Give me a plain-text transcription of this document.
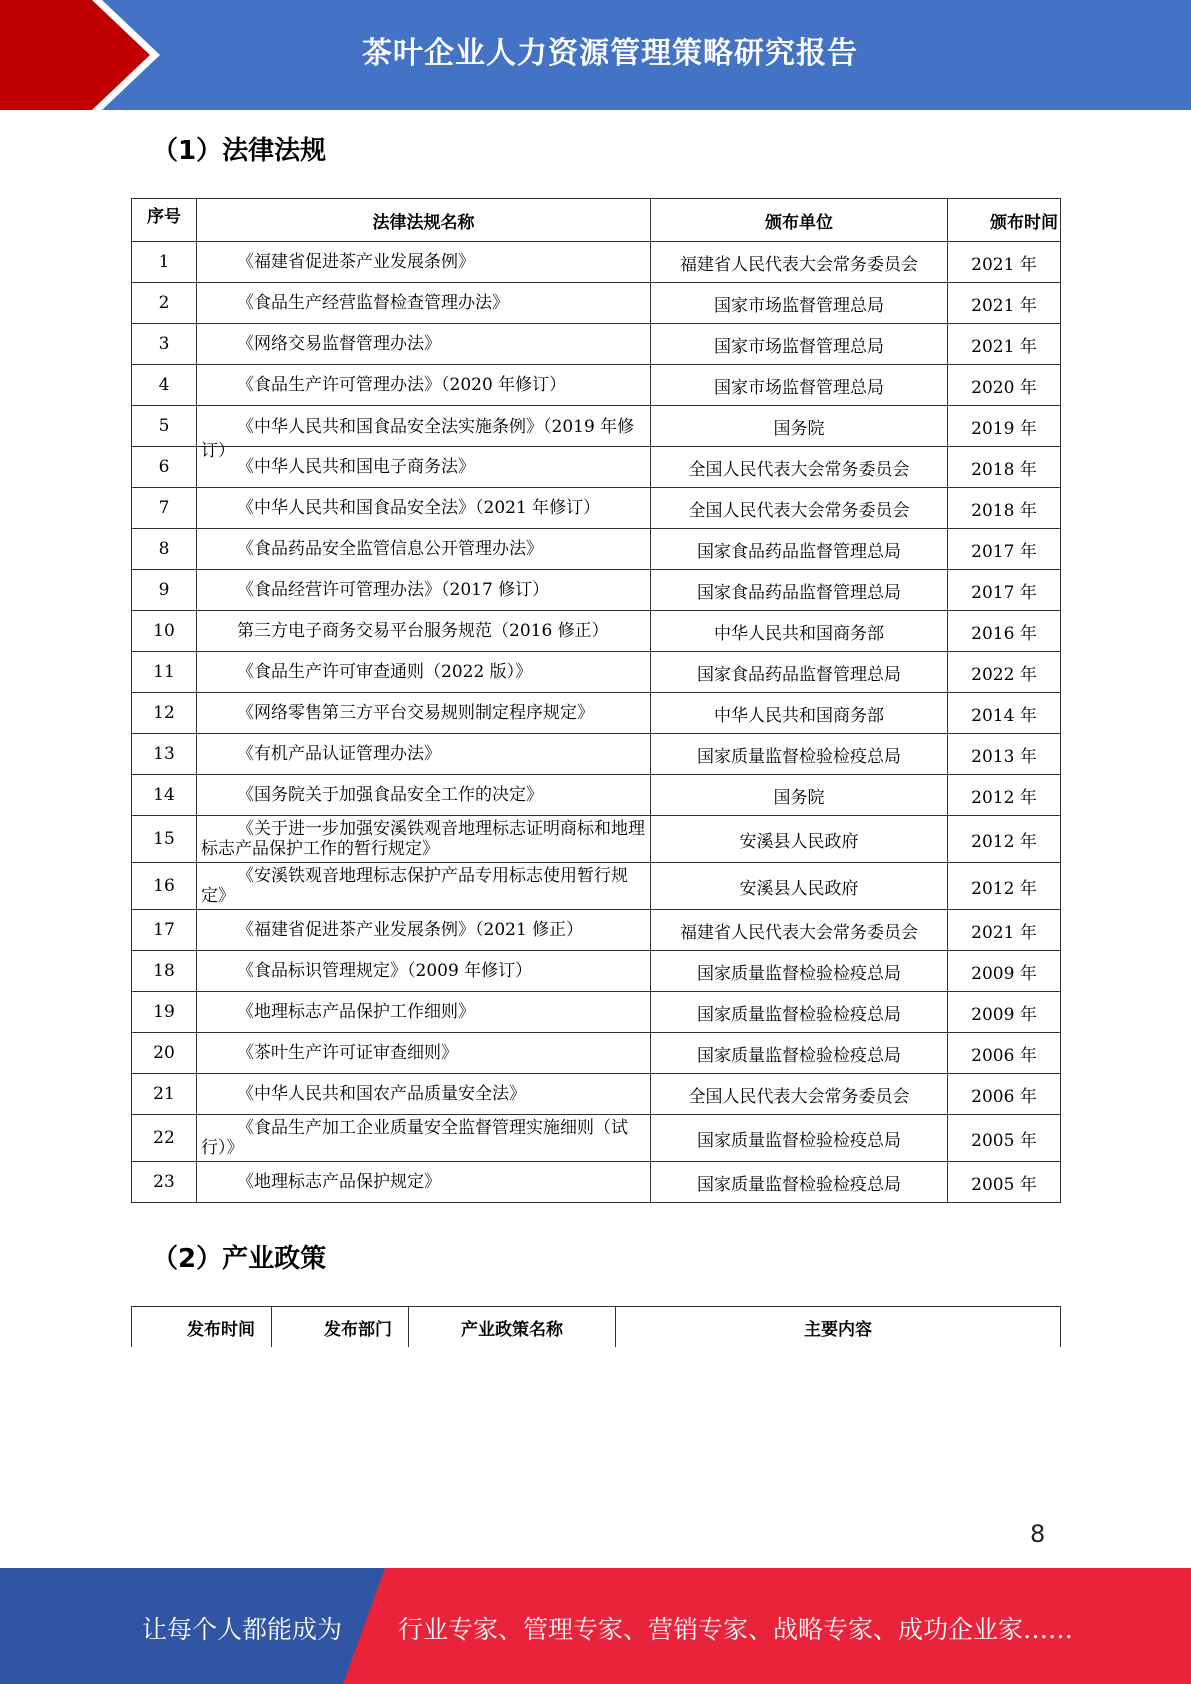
茶叶企业人力资源管理策略研究报告
（1）法律法规
序号	法律法规名称	颁布单位	颁布时间
1	《福建省促进茶产业发展条例》	福建省人民代表大会常务委员会	2021 年
2	《食品生产经营监督检查管理办法》	国家市场监督管理总局	2021 年
3	《网络交易监督管理办法》	国家市场监督管理总局	2021 年
4	《食品生产许可管理办法》（2020 年修订）	国家市场监督管理总局	2020 年
5	《中华人民共和国食品安全法实施条例》（2019 年修订）	国务院	2019 年
6	《中华人民共和国电子商务法》	全国人民代表大会常务委员会	2018 年
7	《中华人民共和国食品安全法》（2021 年修订）	全国人民代表大会常务委员会	2018 年
8	《食品药品安全监管信息公开管理办法》	国家食品药品监督管理总局	2017 年
9	《食品经营许可管理办法》（2017 修订）	国家食品药品监督管理总局	2017 年
10	第三方电子商务交易平台服务规范（2016 修正）	中华人民共和国商务部	2016 年
11	《食品生产许可审查通则（2022 版）》	国家食品药品监督管理总局	2022 年
12	《网络零售第三方平台交易规则制定程序规定》	中华人民共和国商务部	2014 年
13	《有机产品认证管理办法》	国家质量监督检验检疫总局	2013 年
14	《国务院关于加强食品安全工作的决定》	国务院	2012 年
15	《关于进一步加强安溪铁观音地理标志证明商标和地理 标志产品保护工作的暂行规定》	安溪县人民政府	2012 年
16	《安溪铁观音地理标志保护产品专用标志使用暂行规定》	安溪县人民政府	2012 年
17	《福建省促进茶产业发展条例》（2021 修正）	福建省人民代表大会常务委员会	2021 年
18	《食品标识管理规定》（2009 年修订）	国家质量监督检验检疫总局	2009 年
19	《地理标志产品保护工作细则》	国家质量监督检验检疫总局	2009 年
20	《茶叶生产许可证审查细则》	国家质量监督检验检疫总局	2006 年
21	《中华人民共和国农产品质量安全法》	全国人民代表大会常务委员会	2006 年
22	《食品生产加工企业质量安全监督管理实施细则（试行）》	国家质量监督检验检疫总局	2005 年
23	《地理标志产品保护规定》	国家质量监督检验检疫总局	2005 年
（2）产业政策
发布时间	发布部门	产业政策名称	主要内容
8
让每个人都能成为 行业专家、管理专家、营销专家、战略专家、成功企业家……
